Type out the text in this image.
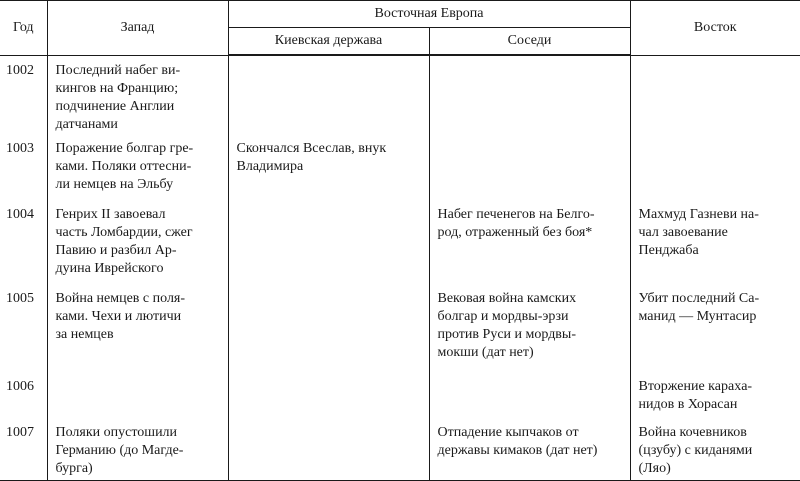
Год	Запад	Восточная Европа		Восток
		Киевская держава	Соседи	

1002	Последний набег ви-
кингов на Францию;
подчинение Англии
датчанами			
1003	Поражение болгар гре-
ками. Поляки оттесни-
ли немцев на Эльбу	Скончался Всеслав, внук
Владимира		
1004	Генрих II завоевал
часть Ломбардии, сжег
Павию и разбил Ар-
дуина Иврейского		Набег печенегов на Белго-
род, отраженный без боя*	Махмуд Газневи на-
чал завоевание
Пенджаба
1005	Война немцев с поля-
ками. Чехи и лютичи
за немцев		Вековая война камских
болгар и мордвы-эрзи
против Руси и мордвы-
мокши (дат нет)	Убит последний Са-
манид — Мунтасир
1006				Вторжение карахa-
нидов в Хорасан
1007	Поляки опустошили
Германию (до Магде-
бурга)		Отпадение кыпчаков от
державы кимаков (дат нет)	Война кочевников
(цзубу) с киданями
(Ляо)
